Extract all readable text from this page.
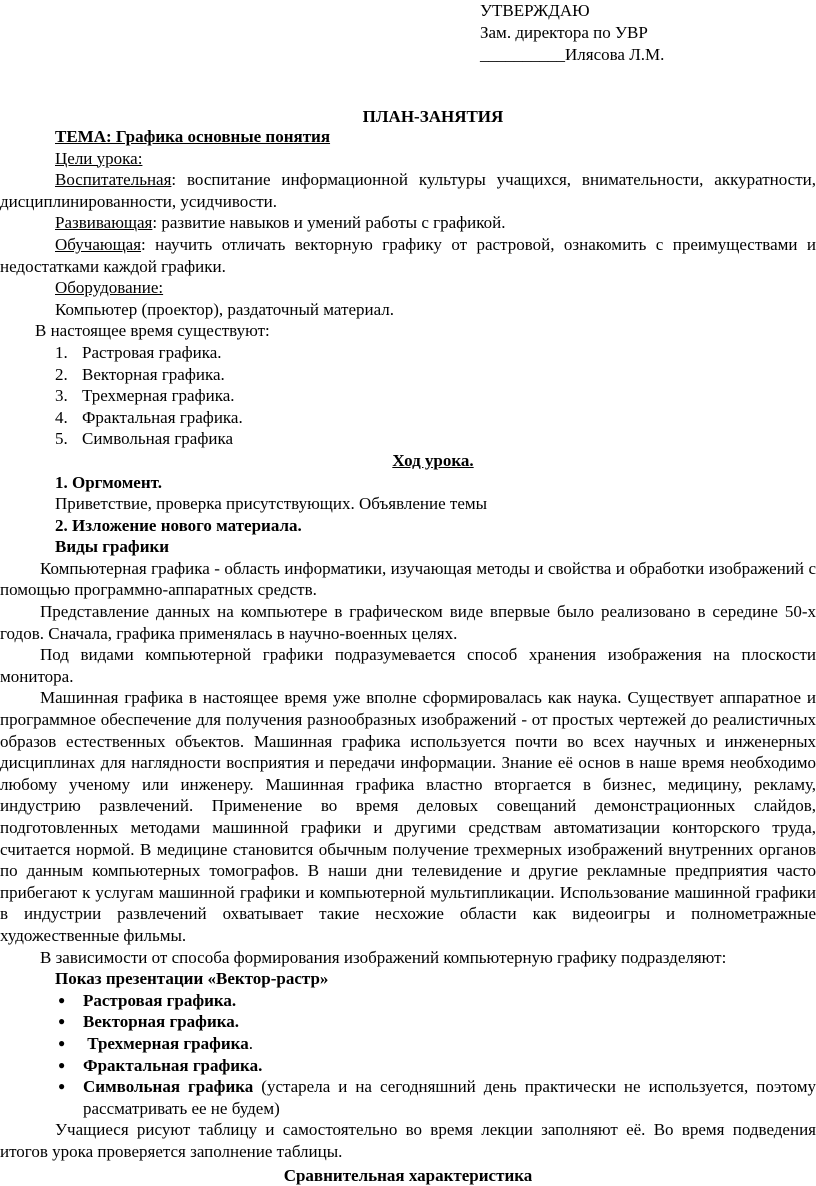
УТВЕРЖДАЮ
Зам. директора по УВР
__________Илясова Л.М.
ПЛАН-ЗАНЯТИЯ

ТЕМА: Графика основные понятия

Цели урока:

Воспитательная: воспитание информационной культуры учащихся, внимательности, аккуратности, дисциплинированности, усидчивости.

Развивающая: развитие навыков и умений работы с графикой.

Обучающая: научить отличать векторную графику от растровой, ознакомить с преимуществами и недостатками каждой графики.

Оборудование:

Компьютер (проектор), раздаточный материал.

В настоящее время существуют:

1. Растровая графика.
2. Векторная графика.
3. Трехмерная графика.
4. Фрактальная графика.
5. Символьная графика

Ход урока.

1. Оргмомент.

Приветствие, проверка присутствующих. Объявление темы

2. Изложение нового материала.

Виды графики

Компьютерная графика - область информатики, изучающая методы и свойства и обработки изображений с помощью программно-аппаратных средств.

Представление данных на компьютере в графическом виде впервые было реализовано в середине 50-х годов. Сначала, графика применялась в научно-военных целях.

Под видами компьютерной графики подразумевается способ хранения изображения на плоскости монитора.

Машинная графика в настоящее время уже вполне сформировалась как наука. Существует аппаратное и программное обеспечение для получения разнообразных изображений - от простых чертежей до реалистичных образов естественных объектов. Машинная графика используется почти во всех научных и инженерных дисциплинах для наглядности восприятия и передачи информации. Знание её основ в наше время необходимо любому ученому или инженеру. Машинная графика властно вторгается в бизнес, медицину, рекламу, индустрию развлечений. Применение во время деловых совещаний демонстрационных слайдов, подготовленных методами машинной графики и другими средствам автоматизации конторского труда, считается нормой. В медицине становится обычным получение трехмерных изображений внутренних органов по данным компьютерных томографов. В наши дни телевидение и другие рекламные предприятия часто прибегают к услугам машинной графики и компьютерной мультипликации. Использование машинной графики в индустрии развлечений охватывает такие несхожие области как видеоигры и полнометражные художественные фильмы.

В зависимости от способа формирования изображений компьютерную графику подразделяют:

Показ презентации «Вектор-растр»

● Растровая графика.
● Векторная графика.
● Трехмерная графика.
● Фрактальная графика.
● Символьная графика (устарела и на сегодняшний день практически не используется, поэтому рассматривать ее не будем)

Учащиеся рисуют таблицу и самостоятельно во время лекции заполняют её. Во время подведения итогов урока проверяется заполнение таблицы.

Сравнительная характеристика
